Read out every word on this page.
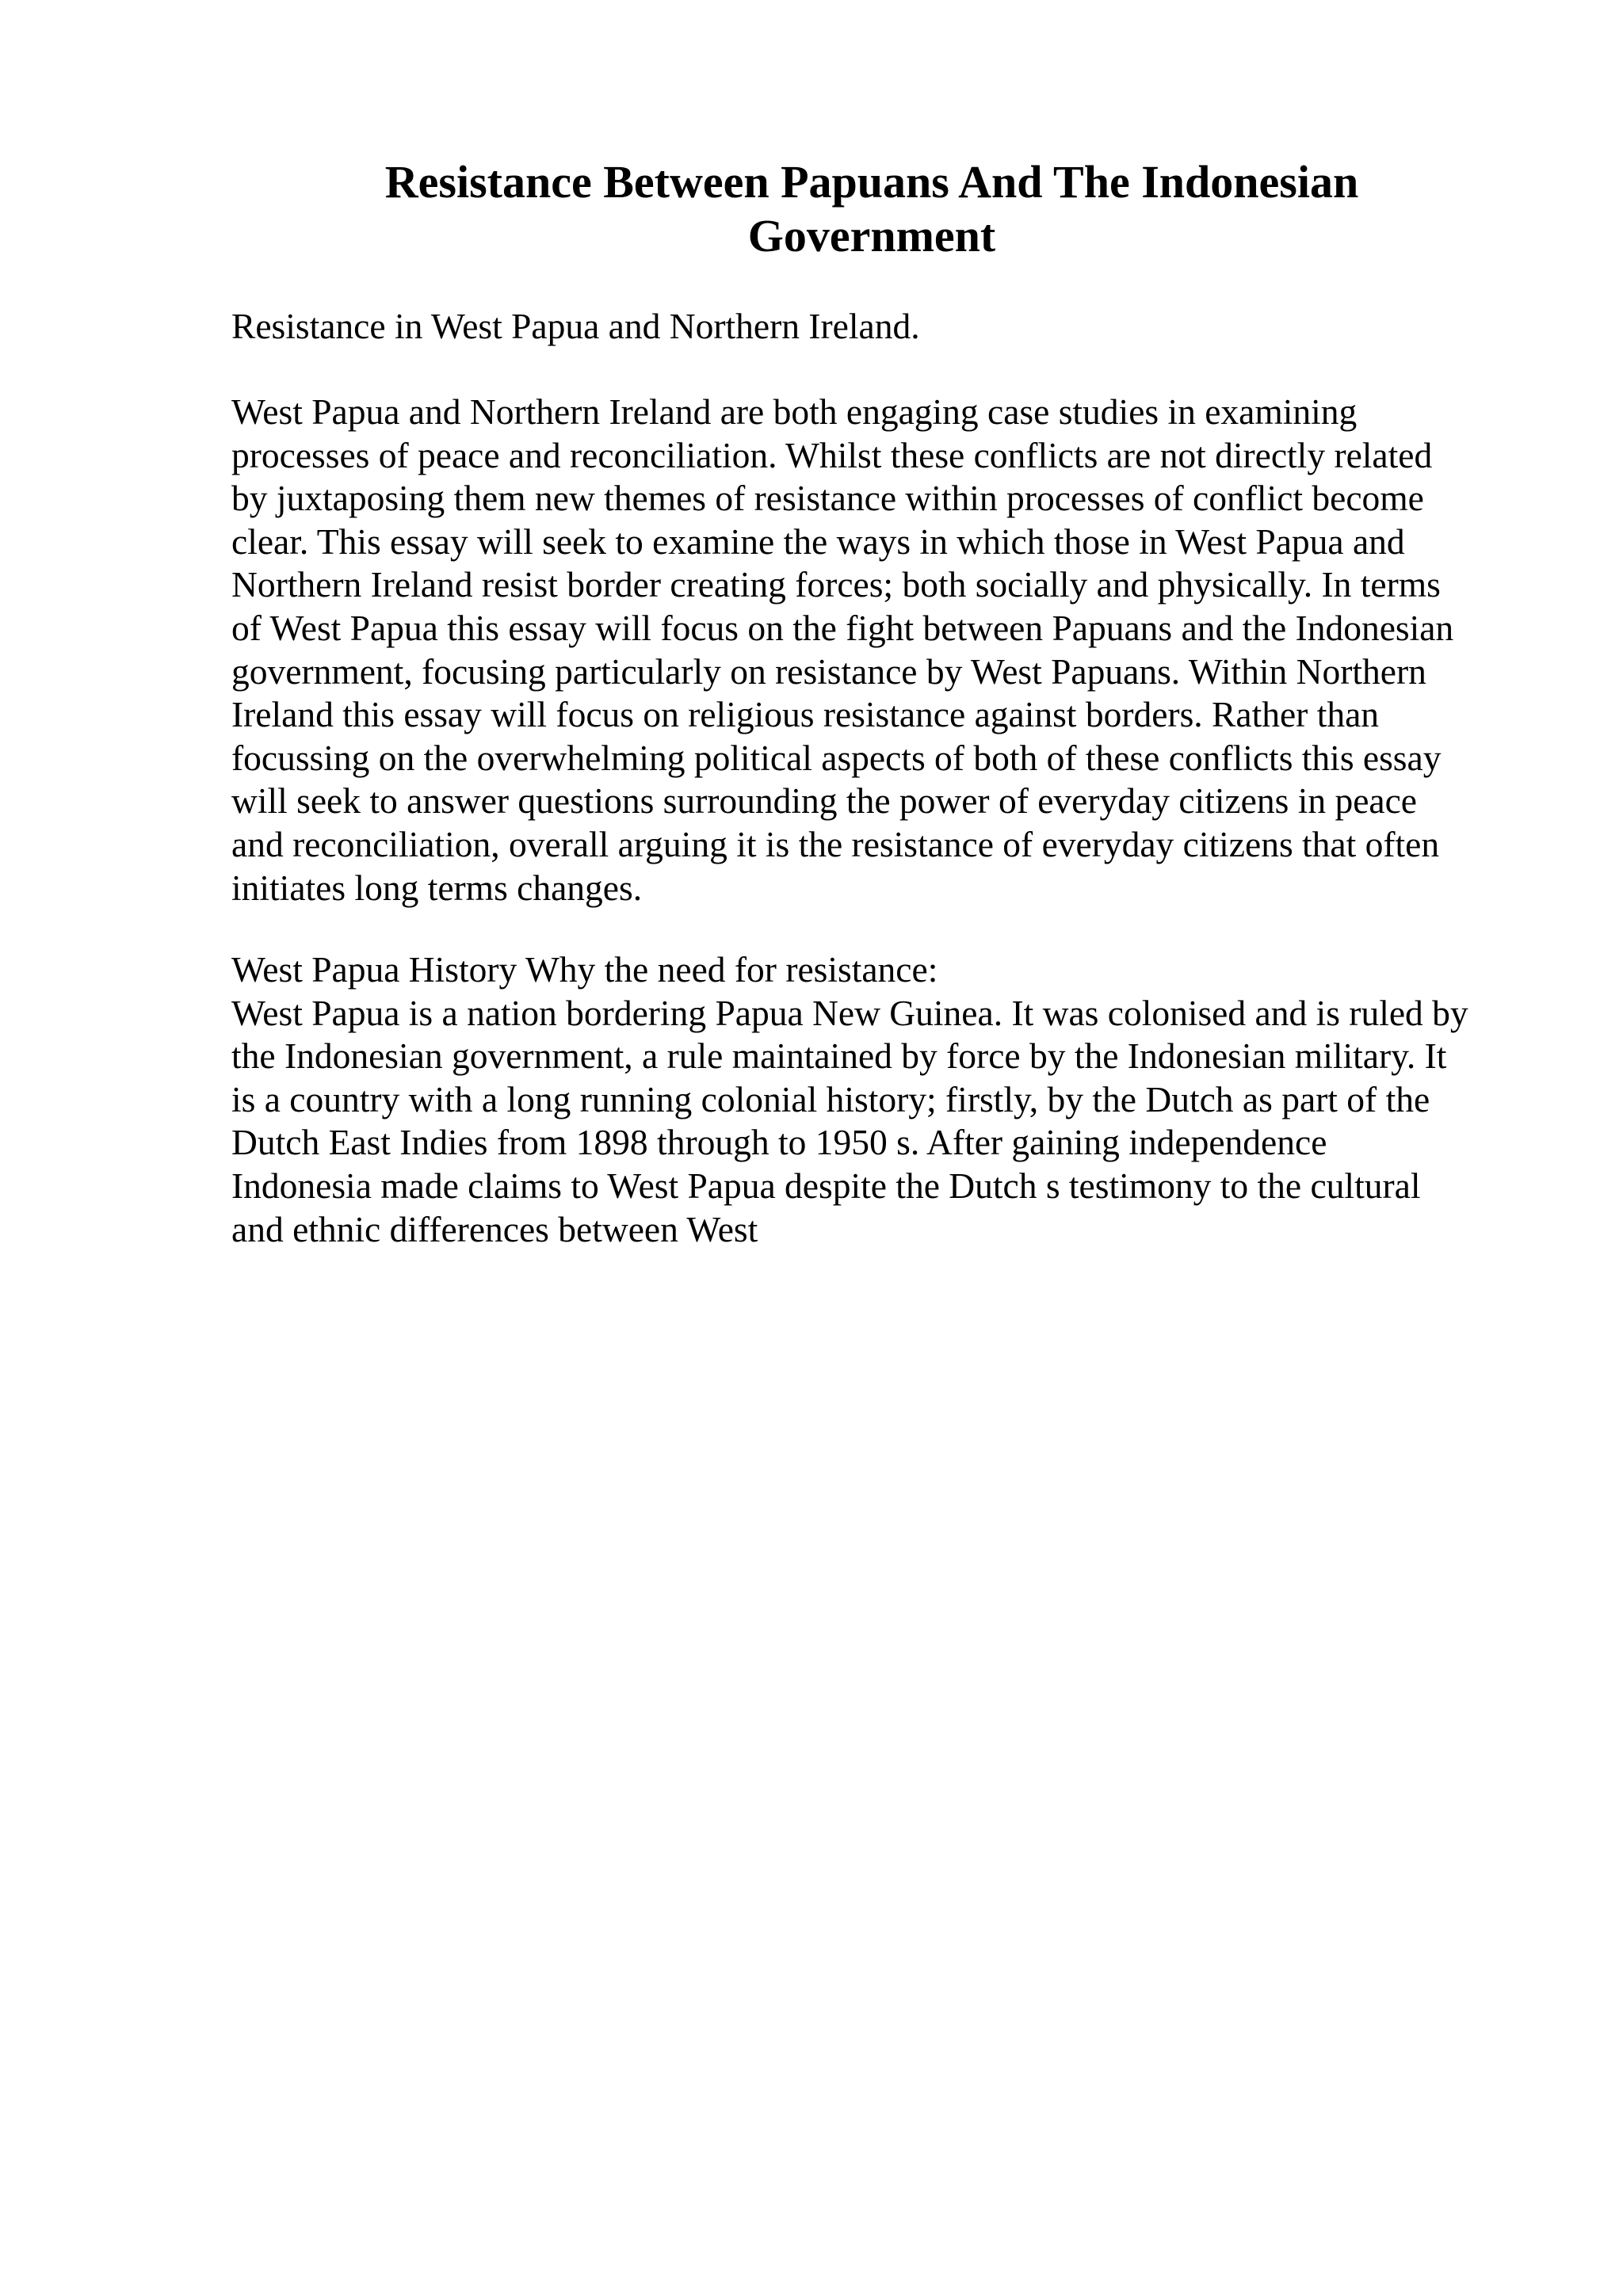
Resistance Between Papuans And The Indonesian
Government

Resistance in West Papua and Northern Ireland.

West Papua and Northern Ireland are both engaging case studies in examining

processes of peace and reconciliation. Whilst these conflicts are not directly related

by juxtaposing them new themes of resistance within processes of conflict become

clear. This essay will seek to examine the ways in which those in West Papua and

Northern Ireland resist border creating forces; both socially and physically. In terms

of West Papua this essay will focus on the fight between Papuans and the Indonesian

government, focusing particularly on resistance by West Papuans. Within Northern

Ireland this essay will focus on religious resistance against borders. Rather than

focussing on the overwhelming political aspects of both of these conflicts this essay

will seek to answer questions surrounding the power of everyday citizens in peace

and reconciliation, overall arguing it is the resistance of everyday citizens that often

initiates long terms changes.

West Papua History Why the need for resistance:

West Papua is a nation bordering Papua New Guinea. It was colonised and is ruled by

the Indonesian government, a rule maintained by force by the Indonesian military. It

is a country with a long running colonial history; firstly, by the Dutch as part of the

Dutch East Indies from 1898 through to 1950 s. After gaining independence

Indonesia made claims to West Papua despite the Dutch s testimony to the cultural

and ethnic differences between West
